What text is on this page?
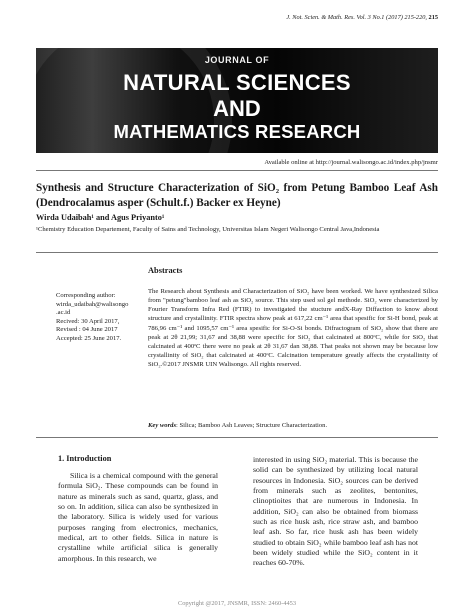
J. Not. Scien. & Math. Res. Vol. 3 No.1 (2017) 215-220, 215
JOURNAL OF
NATURAL SCIENCES
AND
MATHEMATICS RESEARCH
Available online at http://journal.walisongo.ac.id/index.php/jnsmr
Synthesis and Structure Characterization of SiO₂ from Petung Bamboo Leaf Ash (Dendrocalamus asper (Schult.f.) Backer ex Heyne)
Wirda Udaibah¹ and Agus Priyanto¹
¹Chemistry Education Departement, Faculty of Sains and Technology, Universitas Islam Negeri Walisongo Central Java,Indonesia
Abstracts
Corresponding author:
wirda_udaibah@walisongo
.ac.id
Recived: 30 April 2017,
Revised : 04 June 2017
Accepted: 25 June 2017.
The Research about Synthesis and Characterization of SiO₂ have been worked. We have synthesized Silica from "petung"bamboo leaf ash as SiO₂ source. This step used sol gel methode. SiO₂ were characterized by Fourier Transform Infra Red (FTIR) to investigated the stucture andX-Ray Diffaction to know about structure and crystallinity. FTIR spectra show peak at 617,22 cm⁻¹ area that spesific for Si-H bond, peak at 786,96 cm⁻¹ and 1095,57 cm⁻¹ area spesific for Si-O-Si bonds. Difractogram of SiO₂ show that there are peak at 2θ 21,99; 31,67 and 38,88 were specific for SiO₂ that calcinated at 800ᵒC, while for SiO₂ that calcinated at 400ᵒC there were no peak at 2θ 31,67 dan 38,88. That peaks not shown may be because low crystallinity of SiO₂ that calcinated at 400ᵒC. Calcination temperature greatly affects the crystallinity of SiO₂.©2017 JNSMR UIN Walisongo. All rights reserved.
Key words: Silica; Bamboo Ash Leaves; Structure Characterization.
1. Introduction
Silica is a chemical compound with the general formula SiO₂. These compounds can be found in nature as minerals such as sand, quartz, glass, and so on. In addition, silica can also be synthesized in the laboratory. Silica is widely used for various purposes ranging from electronics, mechanics, medical, art to other fields. Silica in nature is crystalline while artificial silica is generally amorphous. In this research, we
interested in using SiO₂ material. This is because the solid can be synthesized by utilizing local natural resources in Indonesia. SiO₂ sources can be derived from minerals such as zeolites, bentonites, clinoptioites that are numerous in Indonesia. In addition, SiO₂ can also be obtained from biomass such as rice husk ash, rice straw ash, and bamboo leaf ash. So far, rice husk ash has been widely studied to obtain SiO₂ while bamboo leaf ash has not been widely studied while the SiO₂ content in it reaches 60-70%.
Copyright @2017, JNSMR, ISSN: 2460-4453
